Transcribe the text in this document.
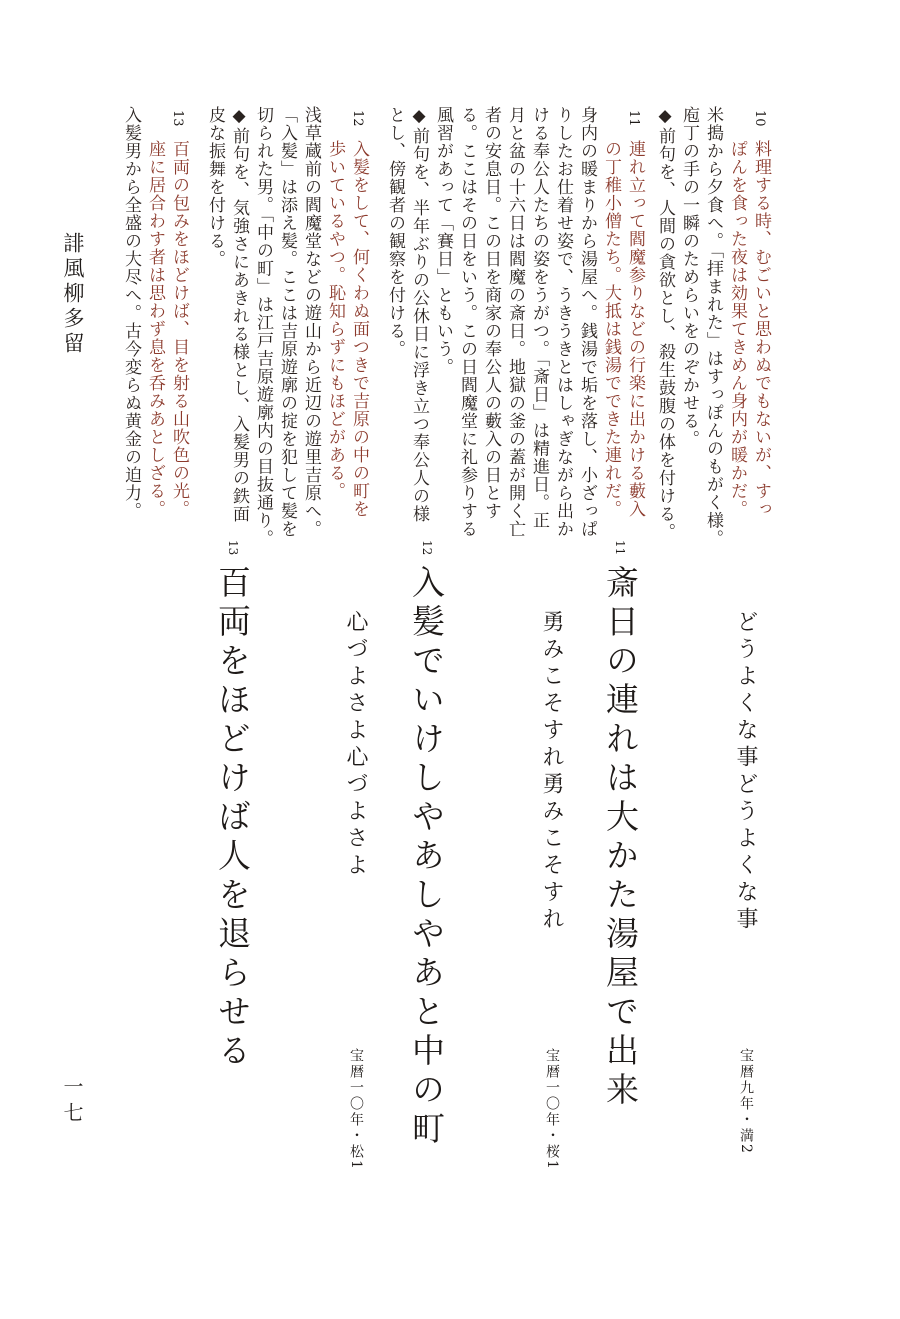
10
料理する時、むごいと思わぬでもないが、すっ
ぽんを食った夜は効果てきめん身内が暖かだ。
米搗から夕食へ。「拝まれた」はすっぽんのもがく様。
庖丁の手の一瞬のためらいをのぞかせる。
◆前句を、人間の貪欲とし、殺生鼓腹の体を付ける。
11
連れ立って閻魔参りなどの行楽に出かける藪入
の丁稚小僧たち。大抵は銭湯でできた連れだ。
身内の暖まりから湯屋へ。銭湯で垢を落し、小ざっぱ
りしたお仕着せ姿で、うきうきとはしゃぎながら出か
ける奉公人たちの姿をうがつ。「斎日」は精進日。正
月と盆の十六日は閻魔の斎日。地獄の釜の蓋が開く亡
者の安息日。この日を商家の奉公人の藪入の日とす
る。ここはその日をいう。この日閻魔堂に礼参りする
風習があって「賽日」ともいう。
◆前句を、半年ぶりの公休日に浮き立つ奉公人の様
とし、傍観者の観察を付ける。
12
入髪をして、何くわぬ面つきで吉原の中の町を
歩いているやつ。恥知らずにもほどがある。
浅草蔵前の閻魔堂などの遊山から近辺の遊里吉原へ。
「入髪」は添え髪。ここは吉原遊廓の掟を犯して髪を
切られた男。「中の町」は江戸吉原遊廓内の目抜通り。
◆前句を、気強さにあきれる様とし、入髪男の鉄面
皮な振舞を付ける。
13
百両の包みをほどけば、目を射る山吹色の光。
座に居合わす者は思わず息を呑みあとしざる。
入髪男から全盛の大尽へ。古今変らぬ黄金の迫力。
どうよくな事どうよくな事
宝暦九年・満2
11
斎日の連れは大かた湯屋で出来
勇みこそすれ勇みこそすれ
宝暦一〇年・桜1
12
入髪でいけしやあしやあと中の町
心づよさよ心づよさよ
宝暦一〇年・松1
13
百両をほどけば人を退らせる
誹風柳多留
一七
